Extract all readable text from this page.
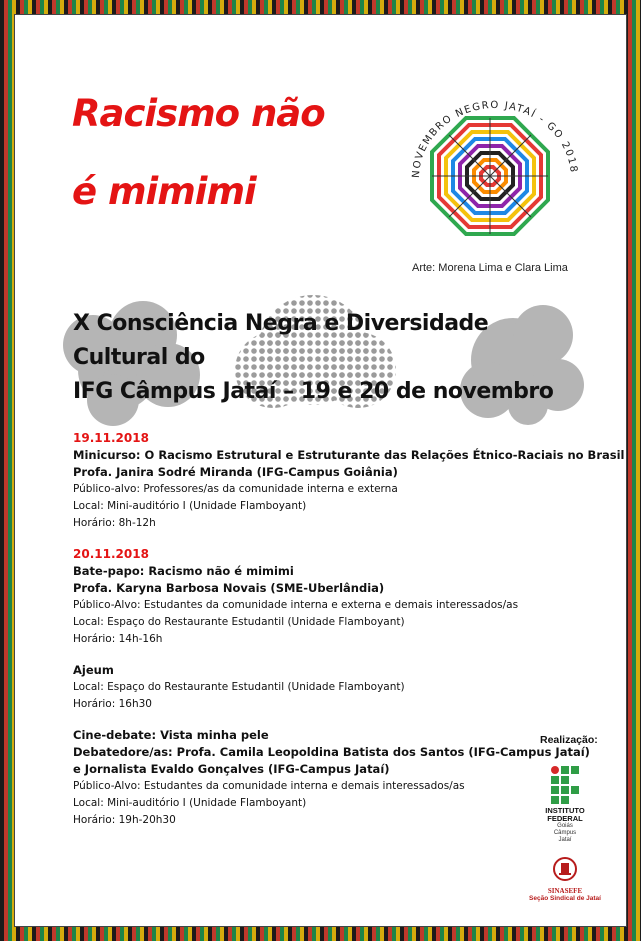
Racismo não
é mimimi	NOVEMBRO NEGRO JATAÍ - GO 2018
Arte: Morena Lima e Clara Lima
X Consciência Negra e Diversidade Cultural do
IFG Câmpus Jataí – 19 e 20 de novembro
19.11.2018
Minicurso: O Racismo Estrutural e Estruturante das Relações Étnico-Raciais no Brasil
Profa. Janira Sodré Miranda (IFG-Campus Goiânia)
Público-alvo: Professores/as da comunidade interna e externa
Local: Mini-auditório I (Unidade Flamboyant)
Horário: 8h-12h
20.11.2018
Bate-papo: Racismo não é mimimi
Profa. Karyna Barbosa Novais (SME-Uberlândia)
Público-Alvo: Estudantes da comunidade interna e externa e demais interessados/as
Local: Espaço do Restaurante Estudantil (Unidade Flamboyant)
Horário: 14h-16h
Ajeum
Local: Espaço do Restaurante Estudantil (Unidade Flamboyant)
Horário: 16h30
Cine-debate: Vista minha pele
Debatedore/as: Profa. Camila Leopoldina Batista dos Santos (IFG-Campus Jataí)
e Jornalista Evaldo Gonçalves (IFG-Campus Jataí)
Público-Alvo: Estudantes da comunidade interna e demais interessados/as
Local: Mini-auditório I (Unidade Flamboyant)
Horário: 19h-20h30
Realização:
INSTITUTO
FEDERAL
Goiás
Câmpus
Jataí
SINASEFE
Seção Sindical de Jataí
